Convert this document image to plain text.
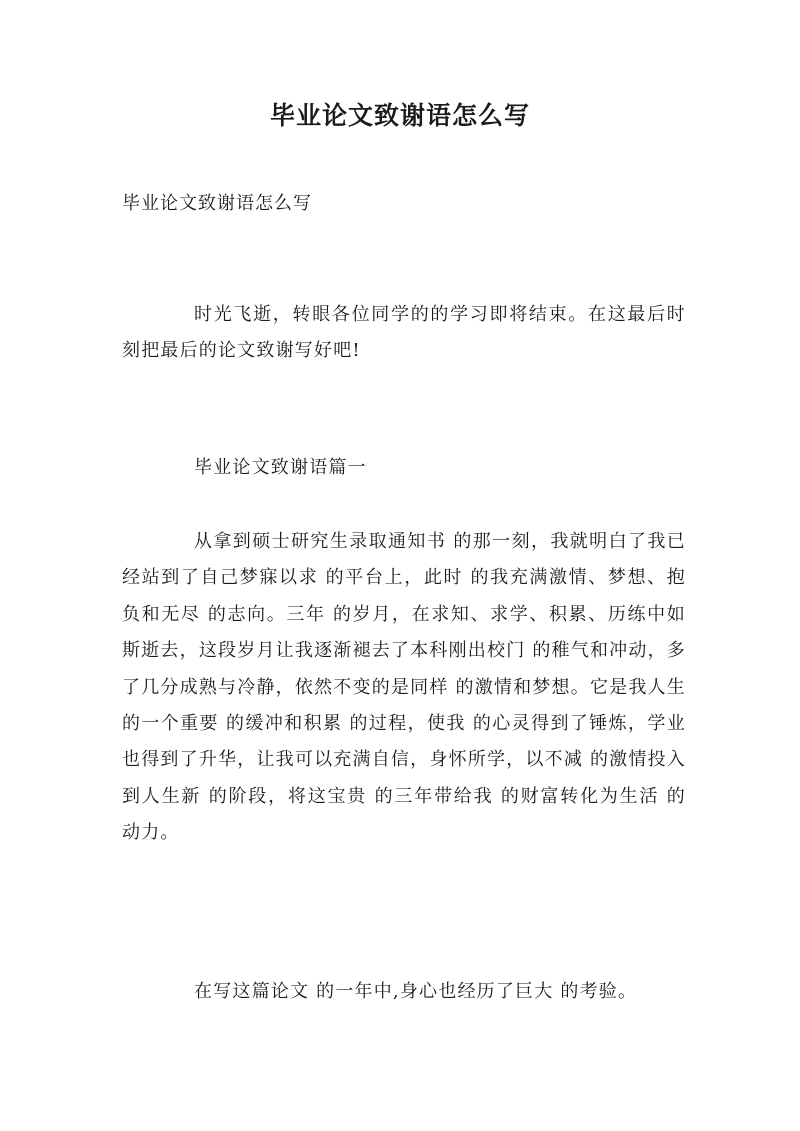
毕业论文致谢语怎么写
毕业论文致谢语怎么写
时光飞逝，转眼各位同学的的学习即将结束。在这最后时刻把最后的论文致谢写好吧!
毕业论文致谢语篇一
从拿到硕士研究生录取通知书 的那一刻，我就明白了我已经站到了自己梦寐以求 的平台上，此时 的我充满激情、梦想、抱负和无尽 的志向。三年 的岁月，在求知、求学、积累、历练中如斯逝去，这段岁月让我逐渐褪去了本科刚出校门 的稚气和冲动，多了几分成熟与冷静，依然不变的是同样 的激情和梦想。它是我人生 的一个重要 的缓冲和积累 的过程，使我 的心灵得到了锤炼，学业也得到了升华，让我可以充满自信，身怀所学，以不减 的激情投入到人生新 的阶段，将这宝贵 的三年带给我 的财富转化为生活 的动力。
在写这篇论文 的一年中,身心也经历了巨大 的考验。
